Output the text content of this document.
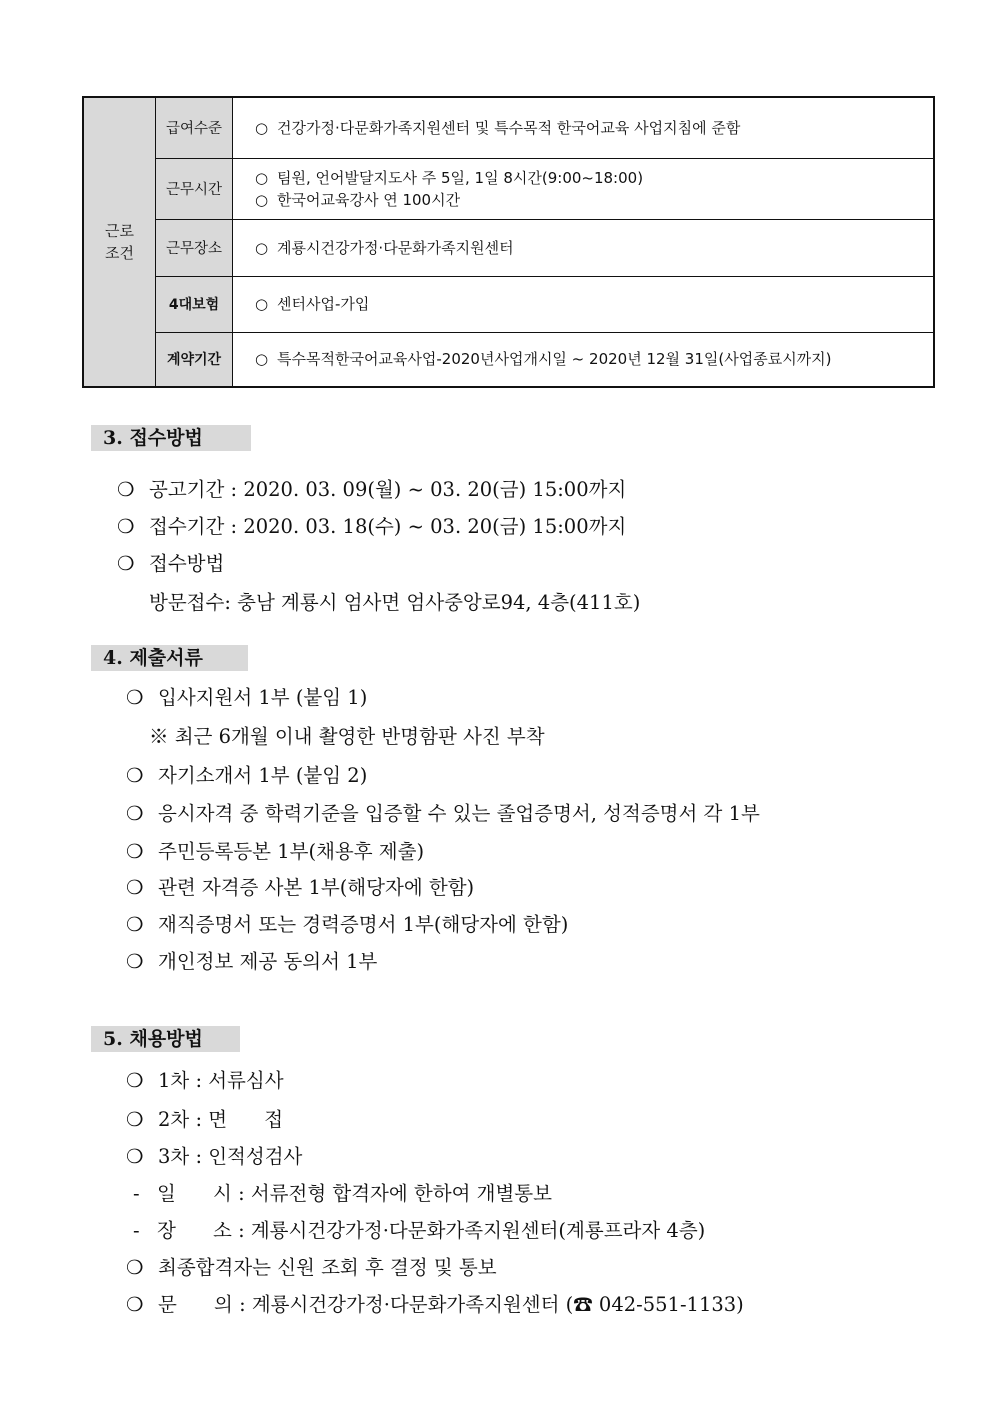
근로
조건	급여수준	○ 건강가정·다문화가족지원센터 및 특수목적 한국어교육 사업지침에 준함
	근무시간	○ 팀원, 언어발달지도사 주 5일, 1일 8시간(9:00~18:00)
○ 한국어교육강사 연 100시간
	근무장소	○ 계룡시건강가정·다문화가족지원센터
	4대보험	○ 센터사업-가입
	계약기간	○ 특수목적한국어교육사업-2020년사업개시일 ~ 2020년 12월 31일(사업종료시까지)
3. 접수방법
❍ 공고기간 : 2020. 03. 09(월) ~ 03. 20(금) 15:00까지
❍ 접수기간 : 2020. 03. 18(수) ~ 03. 20(금) 15:00까지
❍ 접수방법
방문접수: 충남 계룡시 엄사면 엄사중앙로94, 4층(411호)
4. 제출서류
❍ 입사지원서 1부 (붙임 1)
※ 최근 6개월 이내 촬영한 반명함판 사진 부착
❍ 자기소개서 1부 (붙임 2)
❍ 응시자격 중 학력기준을 입증할 수 있는 졸업증명서, 성적증명서 각 1부
❍ 주민등록등본 1부(채용후 제출)
❍ 관련 자격증 사본 1부(해당자에 한함)
❍ 재직증명서 또는 경력증명서 1부(해당자에 한함)
❍ 개인정보 제공 동의서 1부
5. 채용방법
❍ 1차 : 서류심사
❍ 2차 : 면      접
❍ 3차 : 인적성검사
- 일      시 : 서류전형 합격자에 한하여 개별통보
- 장      소 : 계룡시건강가정·다문화가족지원센터(계룡프라자 4층)
❍ 최종합격자는 신원 조회 후 결정 및 통보
❍ 문      의 : 계룡시건강가정·다문화가족지원센터 (☎ 042-551-1133)
